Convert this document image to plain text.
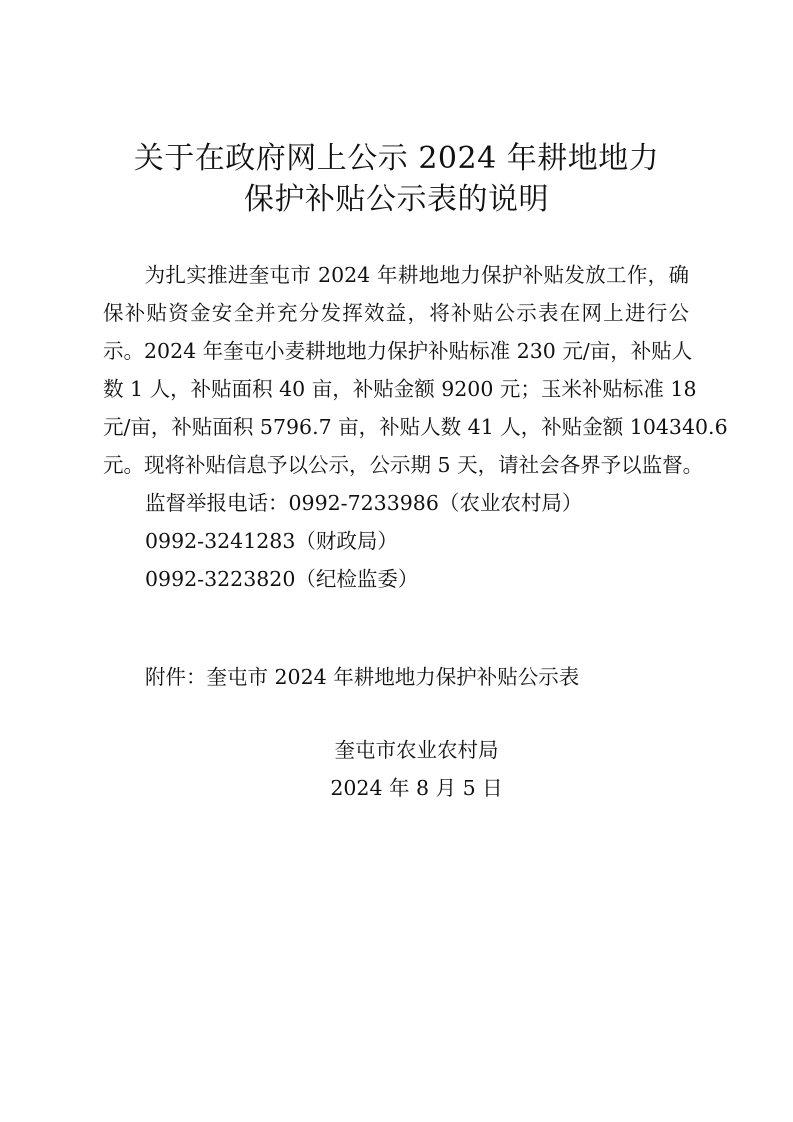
关于在政府网上公示 2024 年耕地地力
保护补贴公示表的说明
　　为扎实推进奎屯市 2024 年耕地地力保护补贴发放工作，确
保补贴资金安全并充分发挥效益，将补贴公示表在网上进行公
示。2024 年奎屯小麦耕地地力保护补贴标准 230 元/亩，补贴人
数 1 人，补贴面积 40 亩，补贴金额 9200 元；玉米补贴标准 18
元/亩，补贴面积 5796.7 亩，补贴人数 41 人，补贴金额 104340.6
元。现将补贴信息予以公示，公示期 5 天，请社会各界予以监督。
监督举报电话：0992-7233986（农业农村局）
0992-3241283（财政局）
0992-3223820（纪检监委）
附件：奎屯市 2024 年耕地地力保护补贴公示表
奎屯市农业农村局
2024 年 8 月 5 日
